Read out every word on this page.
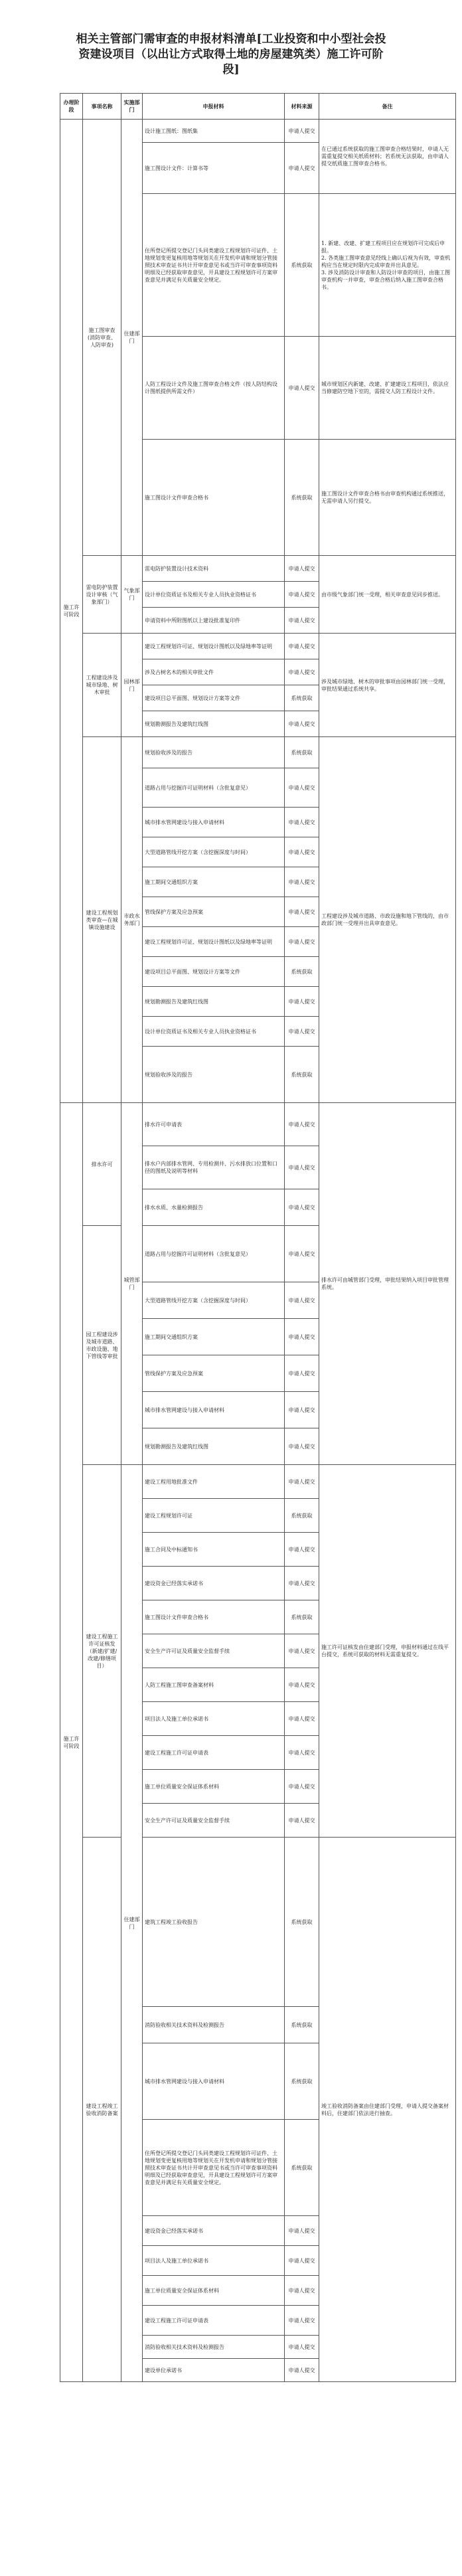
相关主管部门需审查的申报材料清单[工业投资和中小型社会投
资建设项目（以出让方式取得土地的房屋建筑类）施工许可阶
段]
办理阶段	事项名称	实施部门	申报材料	材料来源	备注
施工许可阶段	施工图审查(消防审查、人防审查)	住建部门	设计施工图纸：图纸集	申请人提交	在已通过系统获取的施工图审查合格结果时，申请人无需重复提交相关纸质材料；若系统无法获取，由申请人提交纸质施工图审查合格书。
			施工图设计文件：计算书等	申请人提交	
			住所登记所提交登记门头同类建设工程规划许可证件、土地规划变更复核用地等规划关在开发机申请和规划分管接照技术审查证书共计开审查意见书或当许可审查事项资料明细及已经获取审查意见，开具建设工程规划许可方案审查意见并满足有关质量安全规定。	系统获取	1. 新建、改建、扩建工程项目应在规划许可完成后申报。
2. 各类施工图审查意见经线上确认后视为有效，审查机构应当在规定时限内完成审查并出具意见。
3. 涉及消防设计审查和人防设计审查的项目，由施工图审查机构一并审查，审查合格后纳入施工图审查合格书。
			人防工程设计文件及施工图审查合格文件（按人防结构设计图纸提供所需文件）	申请人提交	城市规划区内新建、改建、扩建建设工程项目，依法应当修建防空地下室的，需提交人防工程设计文件。
			施工图设计文件审查合格书	系统获取	施工图设计文件审查合格书由审查机构通过系统推送，无需申请人另行提交。
	雷电防护装置设计审核（气象部门）	气象部门	雷电防护装置设计技术资料	申请人提交	由市级气象部门统一受理，相关审查意见同步推送。
			设计单位资质证书及相关专业人员执业资格证书	申请人提交	
			申请资料中所附图纸以上建设批准复印件	申请人提交	
	工程建设涉及城市绿地、树木审批	园林部门	建设工程规划许可证、规划设计图纸以及绿地率等证明	申请人提交	涉及城市绿地、树木的审批事项由园林部门统一受理，审批结果通过系统共享。
			涉及古树名木的相关审批文件	申请人提交	
			建设项目总平面图、规划设计方案等文件	系统获取	
			规划勘测报告及建筑红线图	申请人提交	
	建设工程规划类审查—在城镇设施建设	市政水务部门	规划验收涉及的报告	系统获取	工程建设涉及城市道路、市政设施和地下管线的，由市政部门统一受理并出具审查意见。
			道路占用与挖掘许可证明材料（含批复意见）	申请人提交	
			城市排水管网建设与接入申请材料	申请人提交	
			大型道路管线开挖方案（含挖掘深度与时间）	申请人提交	
			施工期间交通组织方案	申请人提交	
			管线保护方案及应急预案	申请人提交	
			建设工程规划许可证、规划设计图纸以及绿地率等证明	申请人提交	
			建设项目总平面图、规划设计方案等文件	系统获取	
			规划勘测报告及建筑红线图	申请人提交	
			设计单位资质证书及相关专业人员执业资格证书	申请人提交	
			规划验收涉及的报告	系统获取	
施工许可阶段	排水许可	城管部门	排水许可申请表	申请人提交	排水许可由城管部门受理，审批结果纳入项目审批管理系统。
			排水户内部排水管网、专用检测井、污水排放口位置和口径的图纸及说明等材料	申请人提交	
			排水水质、水量检测报告	申请人提交	
	园工程建设涉及城市道路、市政设施、地下管线等审批		道路占用与挖掘许可证明材料（含批复意见）	申请人提交	
			大型道路管线开挖方案（含挖掘深度与时间）	申请人提交	
			施工期间交通组织方案	申请人提交	
			管线保护方案及应急预案	申请人提交	
			城市排水管网建设与接入申请材料	申请人提交	
			规划勘测报告及建筑红线图	申请人提交	
	建设工程施工许可证核发（新建/扩建/改建/修缮项目）	住建部门	建设工程用地批准文件	申请人提交	施工许可证核发由住建部门受理，申报材料通过在线平台提交，系统可获取的材料无需重复提交。
			建设工程规划许可证	系统获取	
			施工合同及中标通知书	申请人提交	
			建设资金已经落实承诺书	申请人提交	
			施工图设计文件审查合格书	系统获取	
			安全生产许可证及质量安全监督手续	申请人提交	
			人防工程施工图审查备案材料	申请人提交	
			项目法人及施工单位承诺书	申请人提交	
			建设工程施工许可证申请表	申请人提交	
			施工单位质量安全保证体系材料	申请人提交	
			安全生产许可证及质量安全监督手续	申请人提交	
	建设工程竣工验收消防备案		建筑工程竣工验收报告	系统获取	竣工验收消防备案由住建部门受理，申请人提交备案材料后，住建部门依法进行抽查。
			消防验收相关技术资料及检测报告	系统获取	
			城市排水管网建设与接入申请材料	系统获取	
			住所登记所提交登记门头同类建设工程规划许可证件、土地规划变更复核用地等规划关在开发机申请和规划分管接照技术审查证书共计开审查意见书或当许可审查事项资料明细及已经获取审查意见，开具建设工程规划许可方案审查意见并满足有关质量安全规定。	系统获取	
			建设资金已经落实承诺书	申请人提交	
			项目法人及施工单位承诺书	申请人提交	
			施工单位质量安全保证体系材料	申请人提交	
			建设工程施工许可证申请表	申请人提交	
			消防验收相关技术资料及检测报告	申请人提交	
			建设单位承诺书	申请人提交	
